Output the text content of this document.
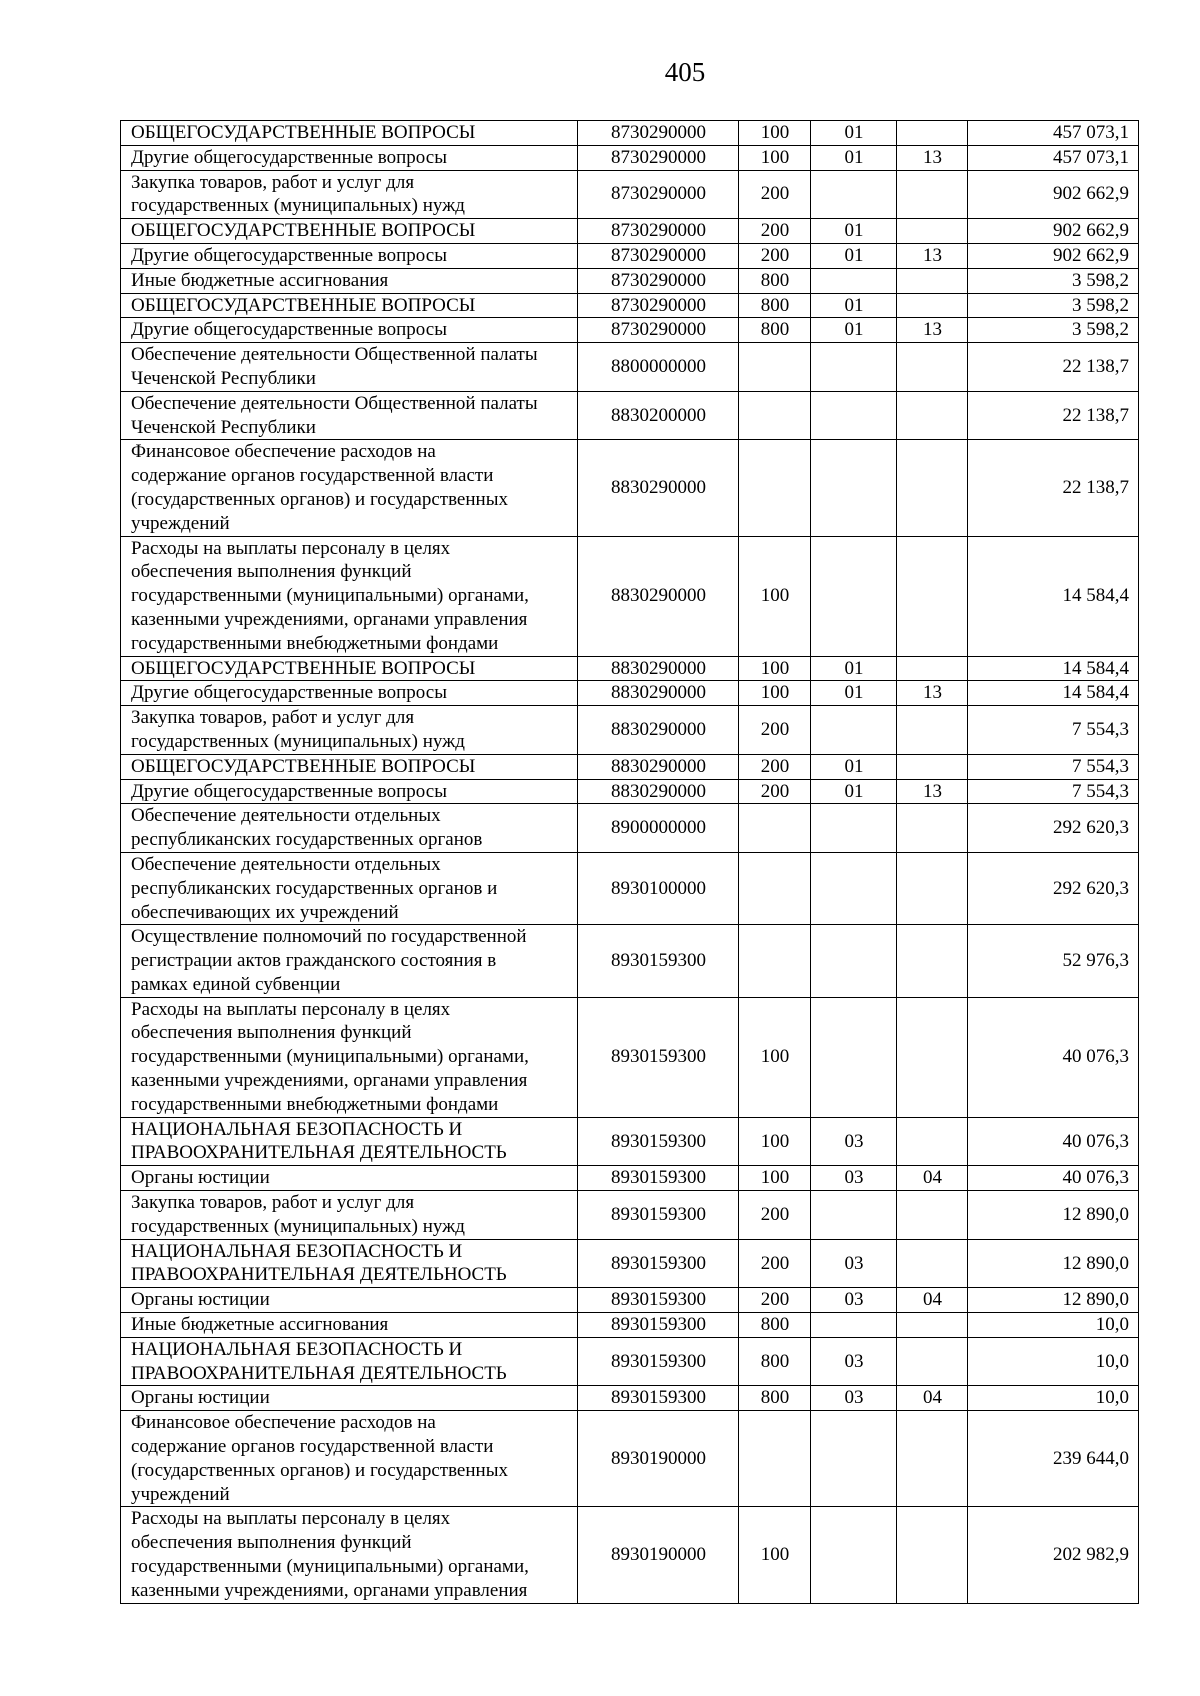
405
ОБЩЕГОСУДАРСТВЕННЫЕ ВОПРОСЫ	8730290000	100	01		457 073,1

Другие общегосударственные вопросы	8730290000	100	01	13	457 073,1

Закупка товаров, работ и услуг для
государственных (муниципальных) нужд	8730290000	200			902 662,9

ОБЩЕГОСУДАРСТВЕННЫЕ ВОПРОСЫ	8730290000	200	01		902 662,9

Другие общегосударственные вопросы	8730290000	200	01	13	902 662,9

Иные бюджетные ассигнования	8730290000	800			3 598,2

ОБЩЕГОСУДАРСТВЕННЫЕ ВОПРОСЫ	8730290000	800	01		3 598,2

Другие общегосударственные вопросы	8730290000	800	01	13	3 598,2

Обеспечение деятельности Общественной палаты
Чеченской Республики	8800000000				22 138,7

Обеспечение деятельности Общественной палаты
Чеченской Республики	8830200000				22 138,7

Финансовое обеспечение расходов на
содержание органов государственной власти
(государственных органов) и государственных
учреждений	8830290000				22 138,7

Расходы на выплаты персоналу в целях
обеспечения выполнения функций
государственными (муниципальными) органами,
казенными учреждениями, органами управления
государственными внебюджетными фондами	8830290000	100			14 584,4

ОБЩЕГОСУДАРСТВЕННЫЕ ВОПРОСЫ	8830290000	100	01		14 584,4

Другие общегосударственные вопросы	8830290000	100	01	13	14 584,4

Закупка товаров, работ и услуг для
государственных (муниципальных) нужд	8830290000	200			7 554,3

ОБЩЕГОСУДАРСТВЕННЫЕ ВОПРОСЫ	8830290000	200	01		7 554,3

Другие общегосударственные вопросы	8830290000	200	01	13	7 554,3

Обеспечение деятельности отдельных
республиканских государственных органов	8900000000				292 620,3

Обеспечение деятельности отдельных
республиканских государственных органов и
обеспечивающих их учреждений	8930100000				292 620,3

Осуществление полномочий по государственной
регистрации актов гражданского состояния в
рамках единой субвенции	8930159300				52 976,3

Расходы на выплаты персоналу в целях
обеспечения выполнения функций
государственными (муниципальными) органами,
казенными учреждениями, органами управления
государственными внебюджетными фондами	8930159300	100			40 076,3

НАЦИОНАЛЬНАЯ БЕЗОПАСНОСТЬ И
ПРАВООХРАНИТЕЛЬНАЯ ДЕЯТЕЛЬНОСТЬ	8930159300	100	03		40 076,3

Органы юстиции	8930159300	100	03	04	40 076,3

Закупка товаров, работ и услуг для
государственных (муниципальных) нужд	8930159300	200			12 890,0

НАЦИОНАЛЬНАЯ БЕЗОПАСНОСТЬ И
ПРАВООХРАНИТЕЛЬНАЯ ДЕЯТЕЛЬНОСТЬ	8930159300	200	03		12 890,0

Органы юстиции	8930159300	200	03	04	12 890,0

Иные бюджетные ассигнования	8930159300	800			10,0

НАЦИОНАЛЬНАЯ БЕЗОПАСНОСТЬ И
ПРАВООХРАНИТЕЛЬНАЯ ДЕЯТЕЛЬНОСТЬ	8930159300	800	03		10,0

Органы юстиции	8930159300	800	03	04	10,0

Финансовое обеспечение расходов на
содержание органов государственной власти
(государственных органов) и государственных
учреждений	8930190000				239 644,0

Расходы на выплаты персоналу в целях
обеспечения выполнения функций
государственными (муниципальными) органами,
казенными учреждениями, органами управления	8930190000	100			202 982,9
